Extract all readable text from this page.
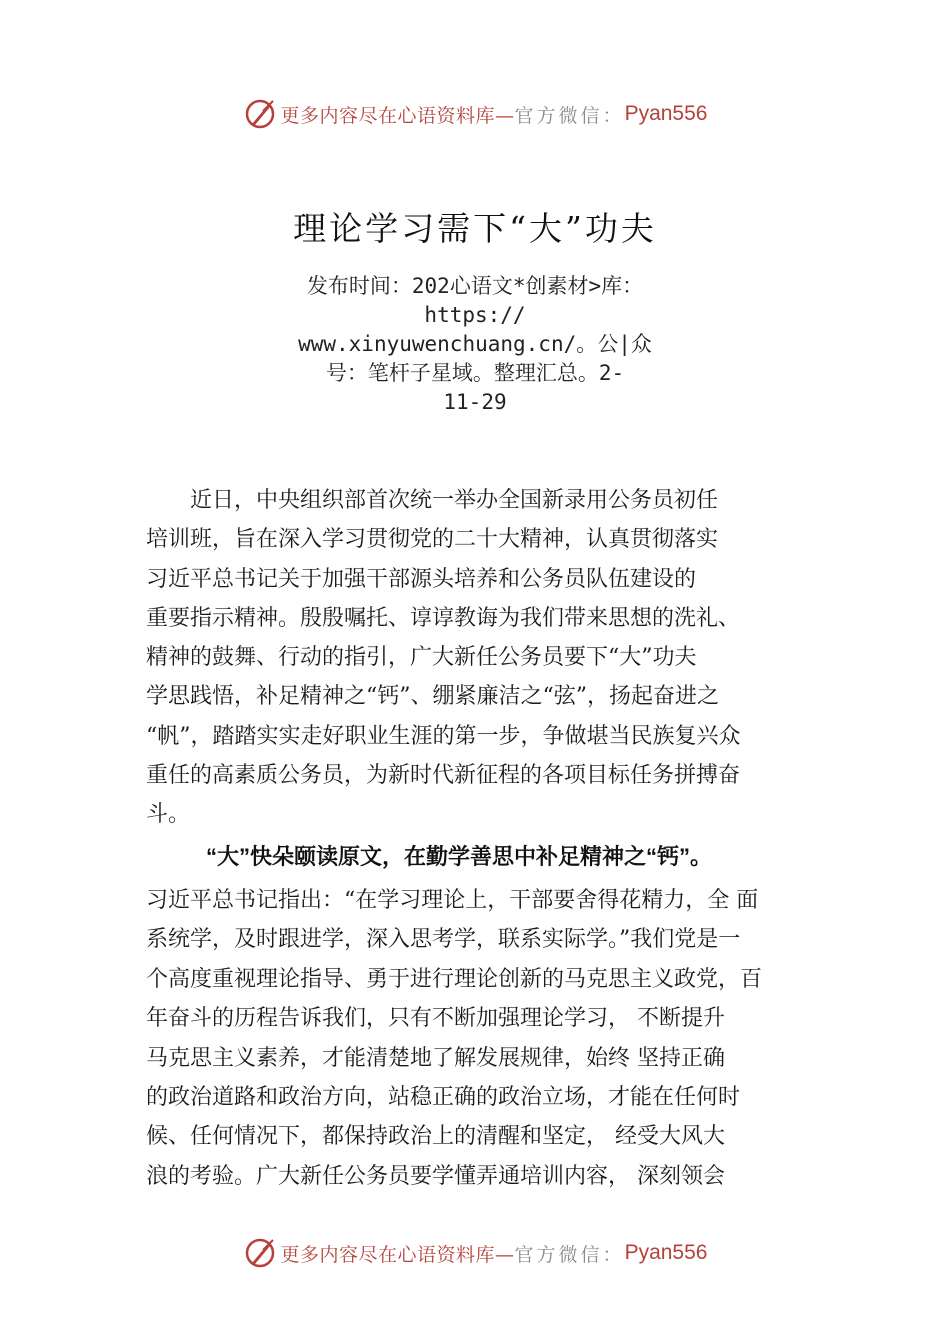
更多内容尽在心语资料库— 官方微信： Pyan556
理论学习需下“大”功夫
发布时间：202心语文*创素材>库：
https://
www.xinyuwenchuang.cn/。公|众
号：笔杆子星域。整理汇总。2-
11-29
　　近日，中央组织部首次统一举办全国新录用公务员初任
培训班，旨在深入学习贯彻党的二十大精神，认真贯彻落实
习近平总书记关于加强干部源头培养和公务员队伍建设的
重要指示精神。殷殷嘱托、谆谆教诲为我们带来思想的洗礼、
精神的鼓舞、行动的指引，广大新任公务员要下“大”功夫
学思践悟，补足精神之“钙”、绷紧廉洁之“弦”，扬起奋进之
“帆”，踏踏实实走好职业生涯的第一步，争做堪当民族复兴众
重任的高素质公务员，为新时代新征程的各项目标任务拼搏奋
斗。
“大”快朵颐读原文，在勤学善思中补足精神之“钙”。
习近平总书记指出：“在学习理论上，干部要舍得花精力，全 面
系统学，及时跟进学，深入思考学，联系实际学。”我们党是一
个高度重视理论指导、勇于进行理论创新的马克思主义政党，百
年奋斗的历程告诉我们，只有不断加强理论学习， 不断提升
马克思主义素养，才能清楚地了解发展规律，始终 坚持正确
的政治道路和政治方向，站稳正确的政治立场，才能在任何时
候、任何情况下，都保持政治上的清醒和坚定， 经受大风大
浪的考验。广大新任公务员要学懂弄通培训内容， 深刻领会
更多内容尽在心语资料库— 官方微信： Pyan556
